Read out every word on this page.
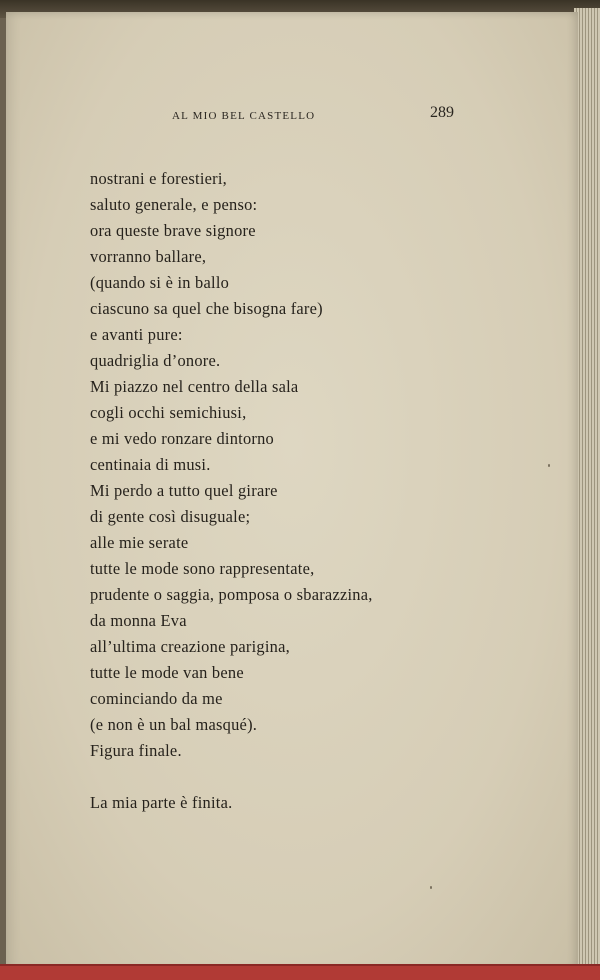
AL MIO BEL CASTELLO	289
nostrani e forestieri,
saluto generale, e penso:
ora queste brave signore
vorranno ballare,
(quando si è in ballo
ciascuno sa quel che bisogna fare)
e avanti pure:
quadriglia d’onore.
Mi piazzo nel centro della sala
cogli occhi semichiusi,
e mi vedo ronzare dintorno
centinaia di musi.
Mi perdo a tutto quel girare
di gente così disuguale;
alle mie serate
tutte le mode sono rappresentate,
prudente o saggia, pomposa o sbarazzina,
da monna Eva
all’ultima creazione parigina,
tutte le mode van bene
cominciando da me
(e non è un bal masqué).
Figura finale.
La mia parte è finita.
